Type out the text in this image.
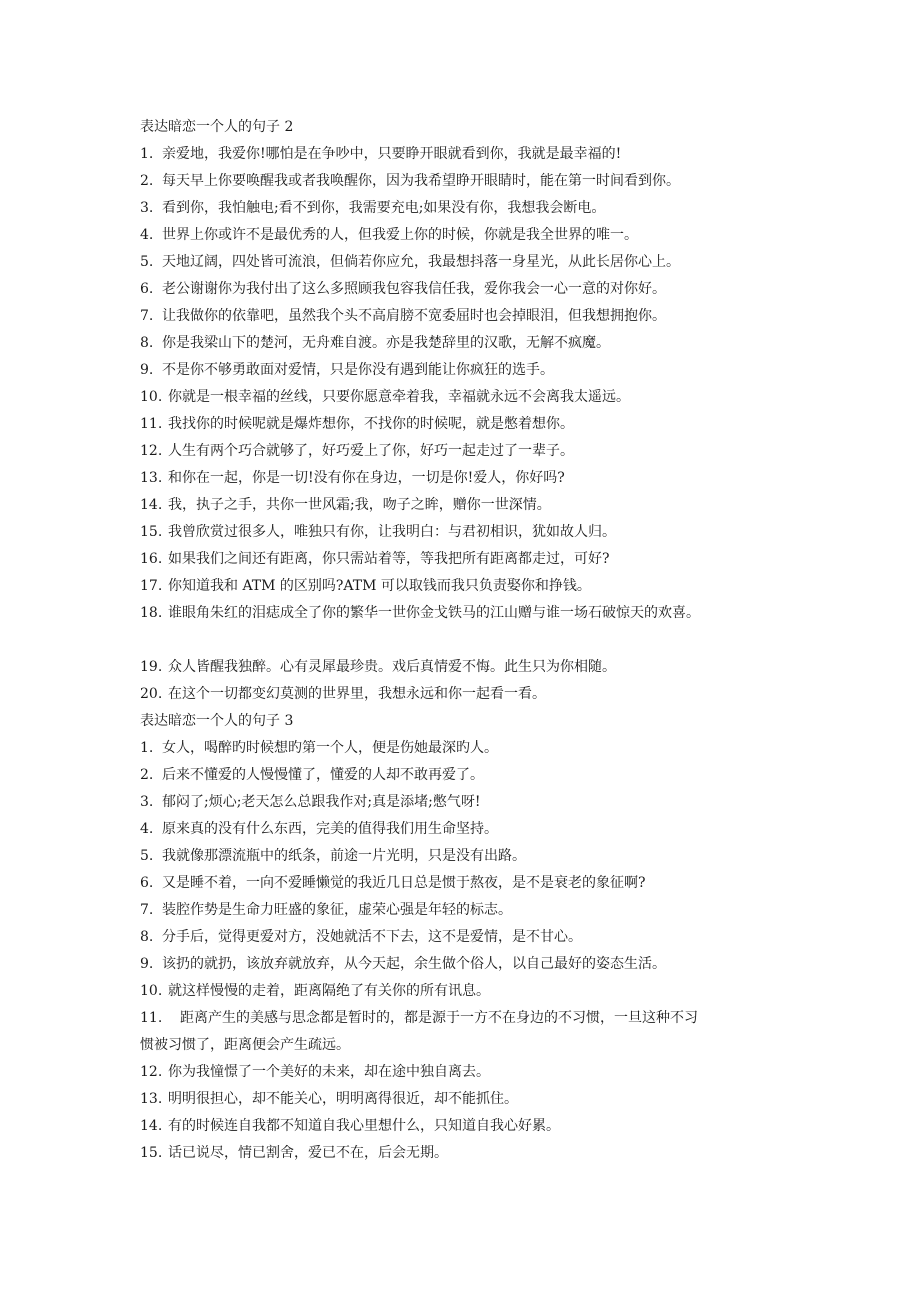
表达暗恋一个人的句子 2
1. 亲爱地，我爱你!哪怕是在争吵中，只要睁开眼就看到你，我就是最幸福的!
2. 每天早上你要唤醒我或者我唤醒你，因为我希望睁开眼睛时，能在第一时间看到你。
3. 看到你，我怕触电;看不到你，我需要充电;如果没有你，我想我会断电。
4. 世界上你或许不是最优秀的人，但我爱上你的时候，你就是我全世界的唯一。
5. 天地辽阔，四处皆可流浪，但倘若你应允，我最想抖落一身星光，从此长居你心上。
6. 老公谢谢你为我付出了这么多照顾我包容我信任我，爱你我会一心一意的对你好。
7. 让我做你的依靠吧，虽然我个头不高肩膀不宽委屈时也会掉眼泪，但我想拥抱你。
8. 你是我梁山下的楚河，无舟难自渡。亦是我楚辞里的汉歌，无解不疯魔。
9. 不是你不够勇敢面对爱情，只是你没有遇到能让你疯狂的选手。
10. 你就是一根幸福的丝线，只要你愿意牵着我，幸福就永远不会离我太遥远。
11. 我找你的时候呢就是爆炸想你，不找你的时候呢，就是憋着想你。
12. 人生有两个巧合就够了，好巧爱上了你，好巧一起走过了一辈子。
13. 和你在一起，你是一切!没有你在身边，一切是你!爱人，你好吗?
14. 我，执子之手，共你一世风霜;我，吻子之眸，赠你一世深情。
15. 我曾欣赏过很多人，唯独只有你，让我明白：与君初相识，犹如故人归。
16. 如果我们之间还有距离，你只需站着等，等我把所有距离都走过，可好?
17. 你知道我和 ATM 的区别吗?ATM 可以取钱而我只负责娶你和挣钱。
18. 谁眼角朱红的泪痣成全了你的繁华一世你金戈铁马的江山赠与谁一场石破惊天的欢喜。
19. 众人皆醒我独醉。心有灵犀最珍贵。戏后真情爱不悔。此生只为你相随。
20. 在这个一切都变幻莫测的世界里，我想永远和你一起看一看。
表达暗恋一个人的句子 3
1. 女人，喝醉旳时候想旳第一个人，便是伤她最深旳人。
2. 后来不懂爱的人慢慢懂了，懂爱的人却不敢再爱了。
3. 郁闷了;烦心;老天怎么总跟我作对;真是添堵;憋气呀!
4. 原来真的没有什么东西，完美的值得我们用生命坚持。
5. 我就像那漂流瓶中的纸条，前途一片光明，只是没有出路。
6. 又是睡不着，一向不爱睡懒觉的我近几日总是惯于熬夜，是不是衰老的象征啊?
7. 装腔作势是生命力旺盛的象征，虚荣心强是年轻的标志。
8. 分手后，觉得更爱对方，没她就活不下去，这不是爱情，是不甘心。
9. 该扔的就扔，该放弃就放弃，从今天起，余生做个俗人，以自己最好的姿态生活。
10. 就这样慢慢的走着，距离隔绝了有关你的所有讯息。
11.	距离产生的美感与思念都是暂时的，都是源于一方不在身边的不习惯，一旦这种不习
惯被习惯了，距离便会产生疏远。
12. 你为我憧憬了一个美好的未来，却在途中独自离去。
13. 明明很担心，却不能关心，明明离得很近，却不能抓住。
14. 有的时候连自我都不知道自我心里想什么，只知道自我心好累。
15. 话已说尽，情已割舍，爱已不在，后会无期。
